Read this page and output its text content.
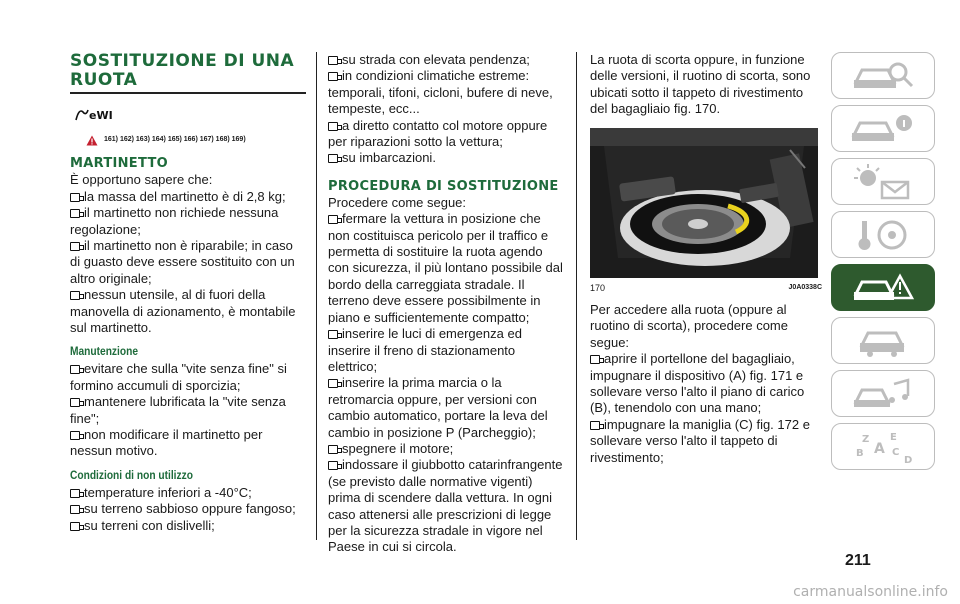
SOSTITUZIONE DI UNA RUOTA
eWI
161) 162) 163) 164) 165) 166) 167) 168) 169)
MARTINETTO

È opportuno sapere che:

la massa del martinetto è di 2,8 kg;

il martinetto non richiede nessuna regolazione;

il martinetto non è riparabile; in caso di guasto deve essere sostituito con un altro originale;

nessun utensile, al di fuori della manovella di azionamento, è montabile sul martinetto.

Manutenzione

evitare che sulla "vite senza fine" si formino accumuli di sporcizia;

mantenere lubrificata la "vite senza fine";

non modificare il martinetto per nessun motivo.

Condizioni di non utilizzo

temperature inferiori a -40°C;

su terreno sabbioso oppure fangoso;

su terreni con dislivelli;

su strada con elevata pendenza;

in condizioni climatiche estreme: temporali, tifoni, cicloni, bufere di neve, tempeste, ecc...

a diretto contatto col motore oppure per riparazioni sotto la vettura;

su imbarcazioni.

PROCEDURA DI SOSTITUZIONE

Procedere come segue:

fermare la vettura in posizione che non costituisca pericolo per il traffico e permetta di sostituire la ruota agendo con sicurezza, il più lontano possibile dal bordo della carreggiata stradale. Il terreno deve essere possibilmente in piano e sufficientemente compatto;

inserire le luci di emergenza ed inserire il freno di stazionamento elettrico;

inserire la prima marcia o la retromarcia oppure, per versioni con cambio automatico, portare la leva del cambio in posizione P (Parcheggio);

spegnere il motore;

indossare il giubbotto catarinfrangente (se previsto dalle normative vigenti) prima di scendere dalla vettura. In ogni caso attenersi alle prescrizioni di legge per la sicurezza stradale in vigore nel Paese in cui si circola.

La ruota di scorta oppure, in funzione delle versioni, il ruotino di scorta, sono ubicati sotto il tappeto di rivestimento del bagagliaio fig. 170.

170	J0A0338C

Per accedere alla ruota (oppure al ruotino di scorta), procedere come segue:

aprire il portellone del bagagliaio, impugnare il dispositivo (A) fig. 171 e sollevare verso l'alto il piano di carico (B), tenendolo con una mano;

impugnare la maniglia (C) fig. 172 e sollevare verso l'alto il tappeto di rivestimento;

Z E
B A C
D
211
carmanualsonline.info
